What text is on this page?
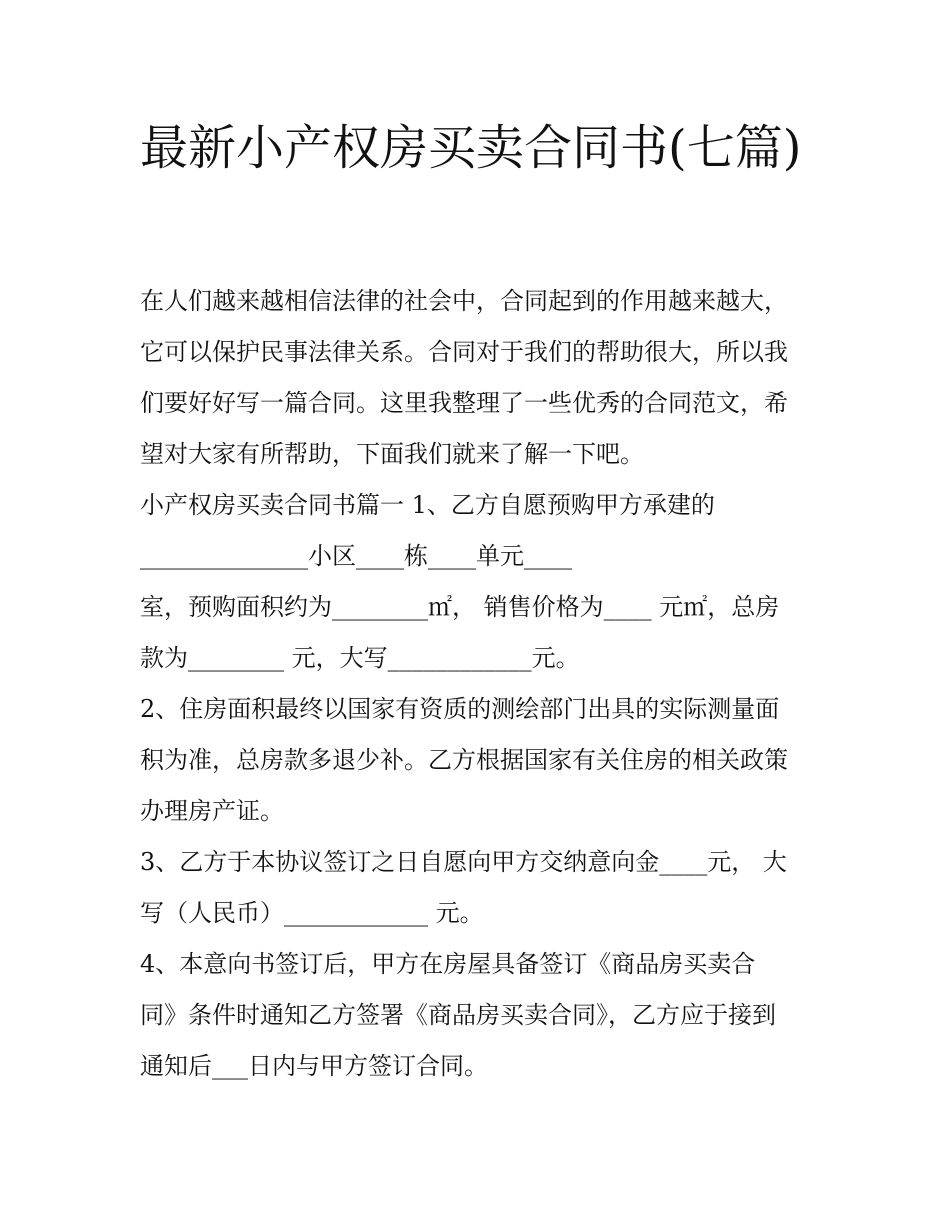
最新小产权房买卖合同书(七篇)
在人们越来越相信法律的社会中，合同起到的作用越来越大，
它可以保护民事法律关系。合同对于我们的帮助很大，所以我
们要好好写一篇合同。这里我整理了一些优秀的合同范文，希
望对大家有所帮助，下面我们就来了解一下吧。
小产权房买卖合同书篇一 1、乙方自愿预购甲方承建的
______________小区____栋____单元____
室，预购面积约为________㎡， 销售价格为____ 元㎡，总房
款为________ 元，大写____________元。
2、住房面积最终以国家有资质的测绘部门出具的实际测量面
积为准，总房款多退少补。乙方根据国家有关住房的相关政策
办理房产证。
3、乙方于本协议签订之日自愿向甲方交纳意向金____元， 大
写（人民币）____________ 元。
4、本意向书签订后，甲方在房屋具备签订《商品房买卖合
同》条件时通知乙方签署《商品房买卖合同》，乙方应于接到
通知后___日内与甲方签订合同。
